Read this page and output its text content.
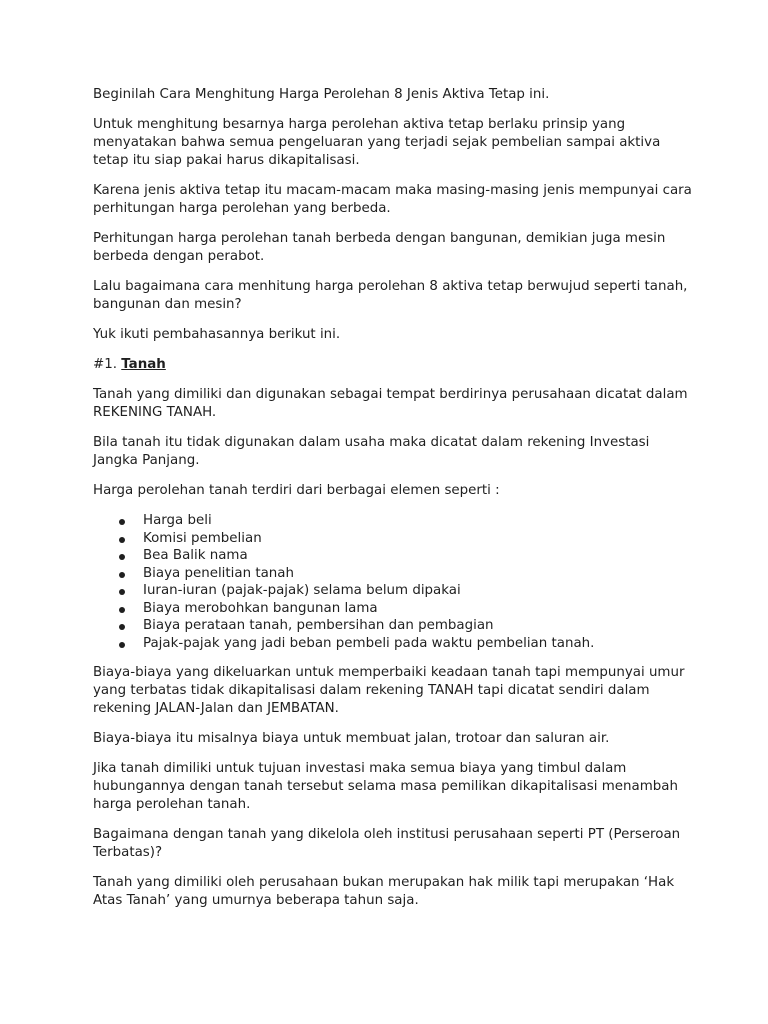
Beginilah Cara Menghitung Harga Perolehan 8 Jenis Aktiva Tetap ini.

Untuk menghitung besarnya harga perolehan aktiva tetap berlaku prinsip yang menyatakan bahwa semua pengeluaran yang terjadi sejak pembelian sampai aktiva tetap itu siap pakai harus dikapitalisasi.

Karena jenis aktiva tetap itu macam-macam maka masing-masing jenis mempunyai cara perhitungan harga perolehan yang berbeda.

Perhitungan harga perolehan tanah berbeda dengan bangunan, demikian juga mesin berbeda dengan perabot.

Lalu bagaimana cara menhitung harga perolehan 8 aktiva tetap berwujud seperti tanah, bangunan dan mesin?

Yuk ikuti pembahasannya berikut ini.

#1. Tanah

Tanah yang dimiliki dan digunakan sebagai tempat berdirinya perusahaan dicatat dalam REKENING TANAH.

Bila tanah itu tidak digunakan dalam usaha maka dicatat dalam rekening Investasi Jangka Panjang.

Harga perolehan tanah terdiri dari berbagai elemen seperti :

Harga beli
Komisi pembelian
Bea Balik nama
Biaya penelitian tanah
Iuran-iuran (pajak-pajak) selama belum dipakai
Biaya merobohkan bangunan lama
Biaya perataan tanah, pembersihan dan pembagian
Pajak-pajak yang jadi beban pembeli pada waktu pembelian tanah.

Biaya-biaya yang dikeluarkan untuk memperbaiki keadaan tanah tapi mempunyai umur yang terbatas tidak dikapitalisasi dalam rekening TANAH tapi dicatat sendiri dalam rekening JALAN-Jalan dan JEMBATAN.

Biaya-biaya itu misalnya biaya untuk membuat jalan, trotoar dan saluran air.

Jika tanah dimiliki untuk tujuan investasi maka semua biaya yang timbul dalam hubungannya dengan tanah tersebut selama masa pemilikan dikapitalisasi menambah harga perolehan tanah.

Bagaimana dengan tanah yang dikelola oleh institusi perusahaan seperti PT (Perseroan Terbatas)?

Tanah yang dimiliki oleh perusahaan bukan merupakan hak milik tapi merupakan ‘Hak Atas Tanah’ yang umurnya beberapa tahun saja.
